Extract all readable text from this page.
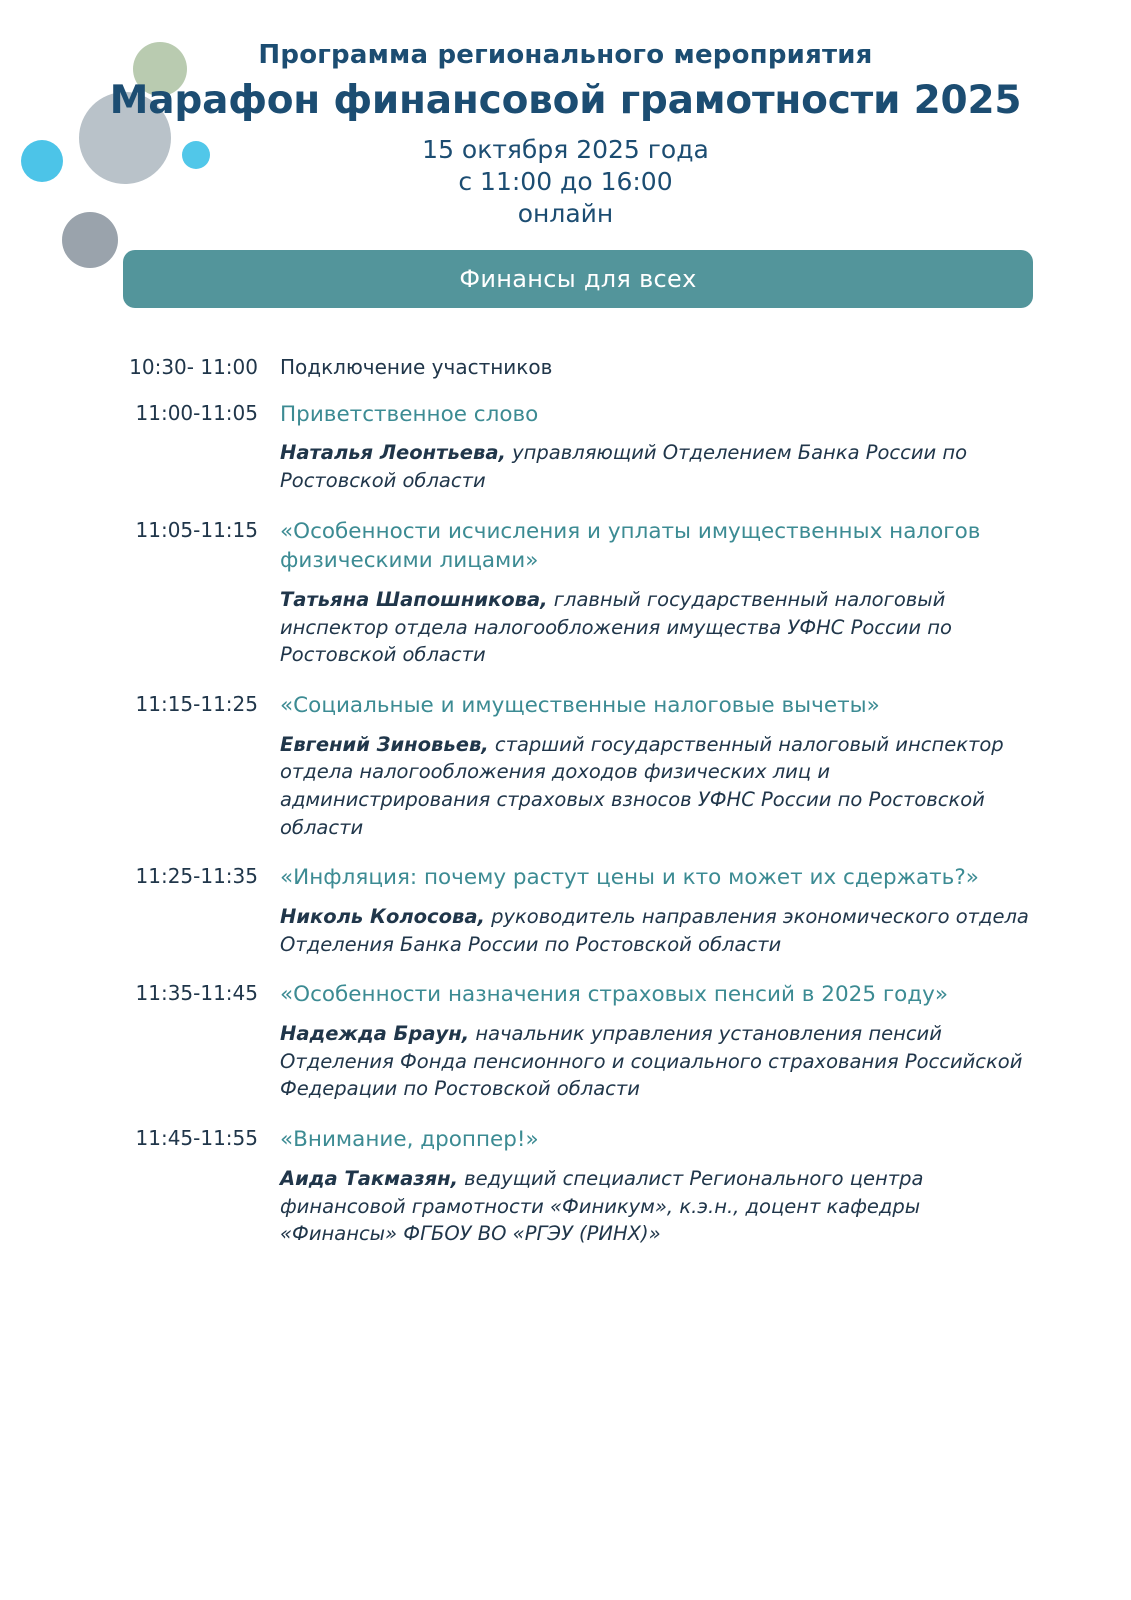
Программа регионального мероприятия
Марафон финансовой грамотности 2025
15 октября 2025 года
с 11:00 до 16:00
онлайн
Финансы для всех
10:30- 11:00	Подключение участников
11:00-11:05	Приветственное слово
Наталья Леонтьева, управляющий Отделением Банка России по Ростовской области
11:05-11:15	«Особенности исчисления и уплаты имущественных налогов физическими лицами»
Татьяна Шапошникова, главный государственный налоговый инспектор отдела налогообложения имущества УФНС России по Ростовской области
11:15-11:25	«Социальные и имущественные налоговые вычеты»
Евгений Зиновьев, старший государственный налоговый инспектор отдела налогообложения доходов физических лиц и администрирования страховых взносов УФНС России по Ростовской области
11:25-11:35	«Инфляция: почему растут цены и кто может их сдержать?»
Николь Колосова, руководитель направления экономического отдела Отделения Банка России по Ростовской области
11:35-11:45	«Особенности назначения страховых пенсий в 2025 году»
Надежда Браун, начальник управления установления пенсий Отделения Фонда пенсионного и социального страхования Российской Федерации по Ростовской области
11:45-11:55	«Внимание, дроппер!»
Аида Такмазян, ведущий специалист Регионального центра финансовой грамотности «Финикум», к.э.н., доцент кафедры «Финансы» ФГБОУ ВО «РГЭУ (РИНХ)»
